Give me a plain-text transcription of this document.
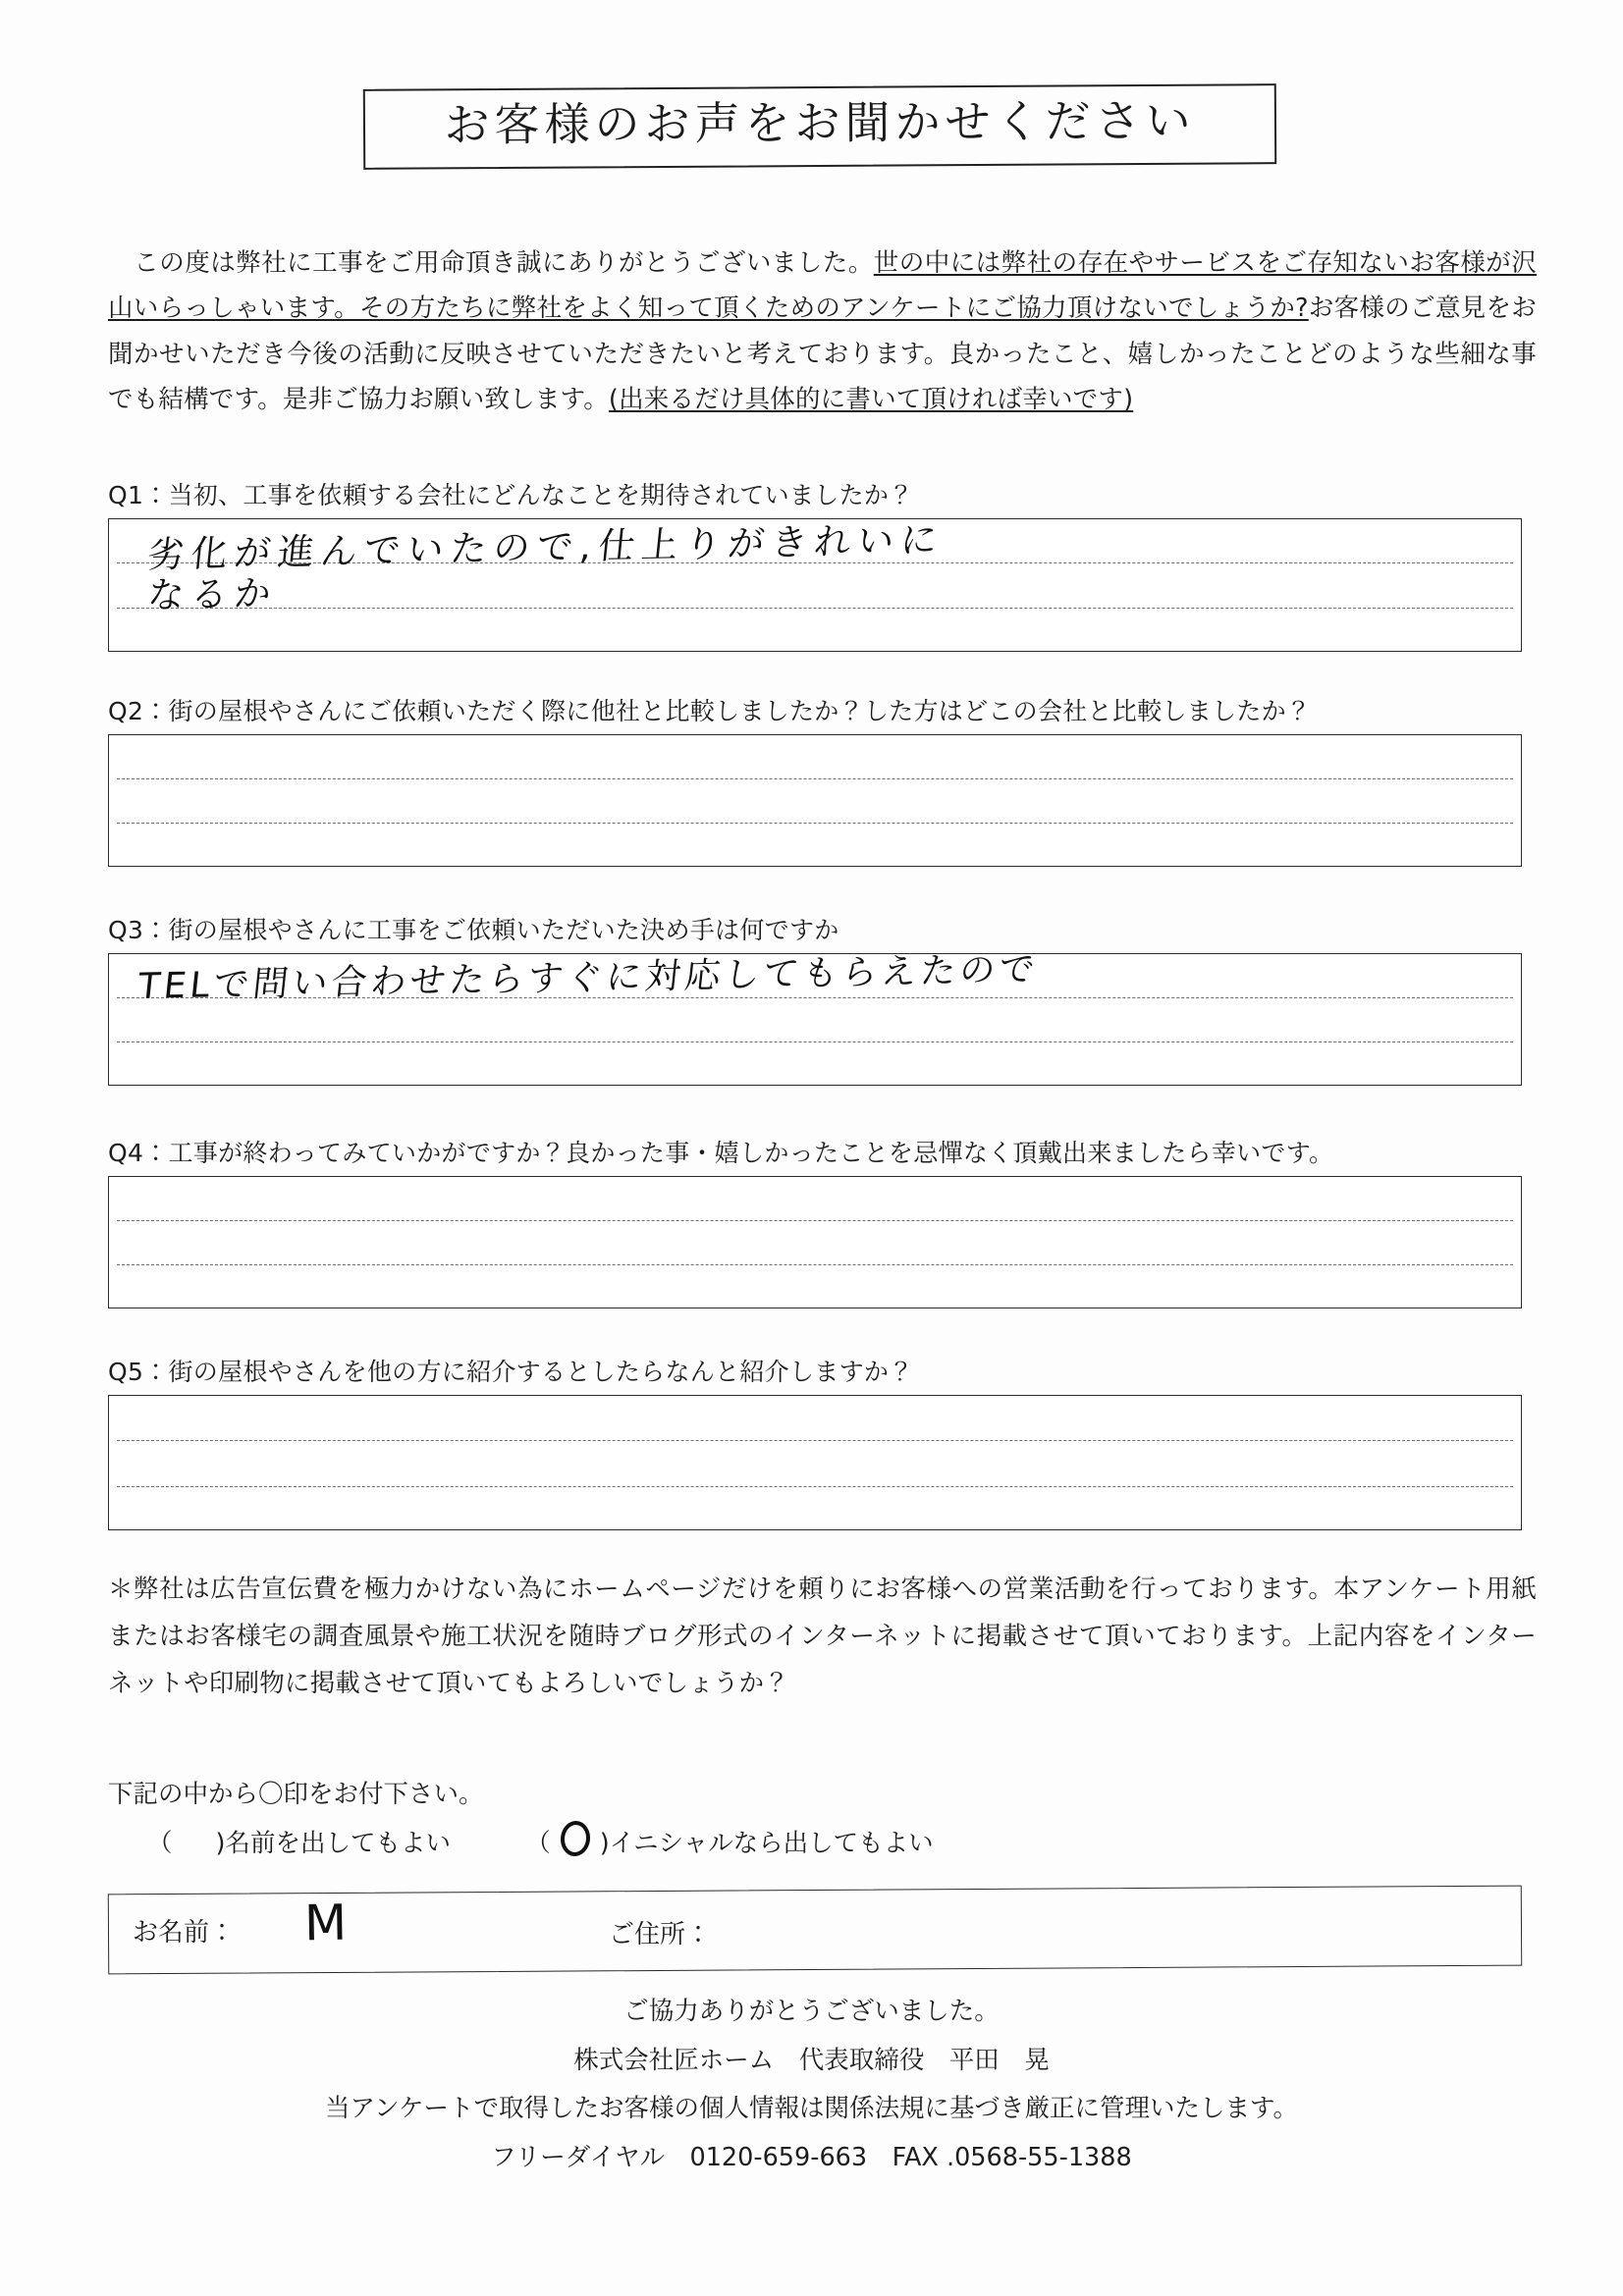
お客様のお声をお聞かせください
この度は弊社に工事をご用命頂き誠にありがとうございました。世の中には弊社の存在やサービスをご存知ないお客様が沢山いらっしゃいます。その方たちに弊社をよく知って頂くためのアンケートにご協力頂けないでしょうか?お客様のご意見をお聞かせいただき今後の活動に反映させていただきたいと考えております。良かったこと、嬉しかったことどのような些細な事でも結構です。是非ご協力お願い致します。(出来るだけ具体的に書いて頂ければ幸いです)
Q1：当初、工事を依頼する会社にどんなことを期待されていましたか？
劣化が進んでいたので,仕上りがきれいに
なるか
Q2：街の屋根やさんにご依頼いただく際に他社と比較しましたか？した方はどこの会社と比較しましたか？
Q3：街の屋根やさんに工事をご依頼いただいた決め手は何ですか
TELで問い合わせたらすぐに対応してもらえたので
Q4：工事が終わってみていかがですか？良かった事・嬉しかったことを忌憚なく頂戴出来ましたら幸いです。
Q5：街の屋根やさんを他の方に紹介するとしたらなんと紹介しますか？
＊弊社は広告宣伝費を極力かけない為にホームページだけを頼りにお客様への営業活動を行っております。本アンケート用紙またはお客様宅の調査風景や施工状況を随時ブログ形式のインターネットに掲載させて頂いております。上記内容をインターネットや印刷物に掲載させて頂いてもよろしいでしょうか？
下記の中から〇印をお付下さい。
（ )名前を出してもよい	（ )イニシャルなら出してもよい
お名前： M	ご住所：
ご協力ありがとうございました。
株式会社匠ホーム　代表取締役　平田　晃
当アンケートで取得したお客様の個人情報は関係法規に基づき厳正に管理いたします。
フリーダイヤル　0120-659-663　FAX .0568-55-1388
